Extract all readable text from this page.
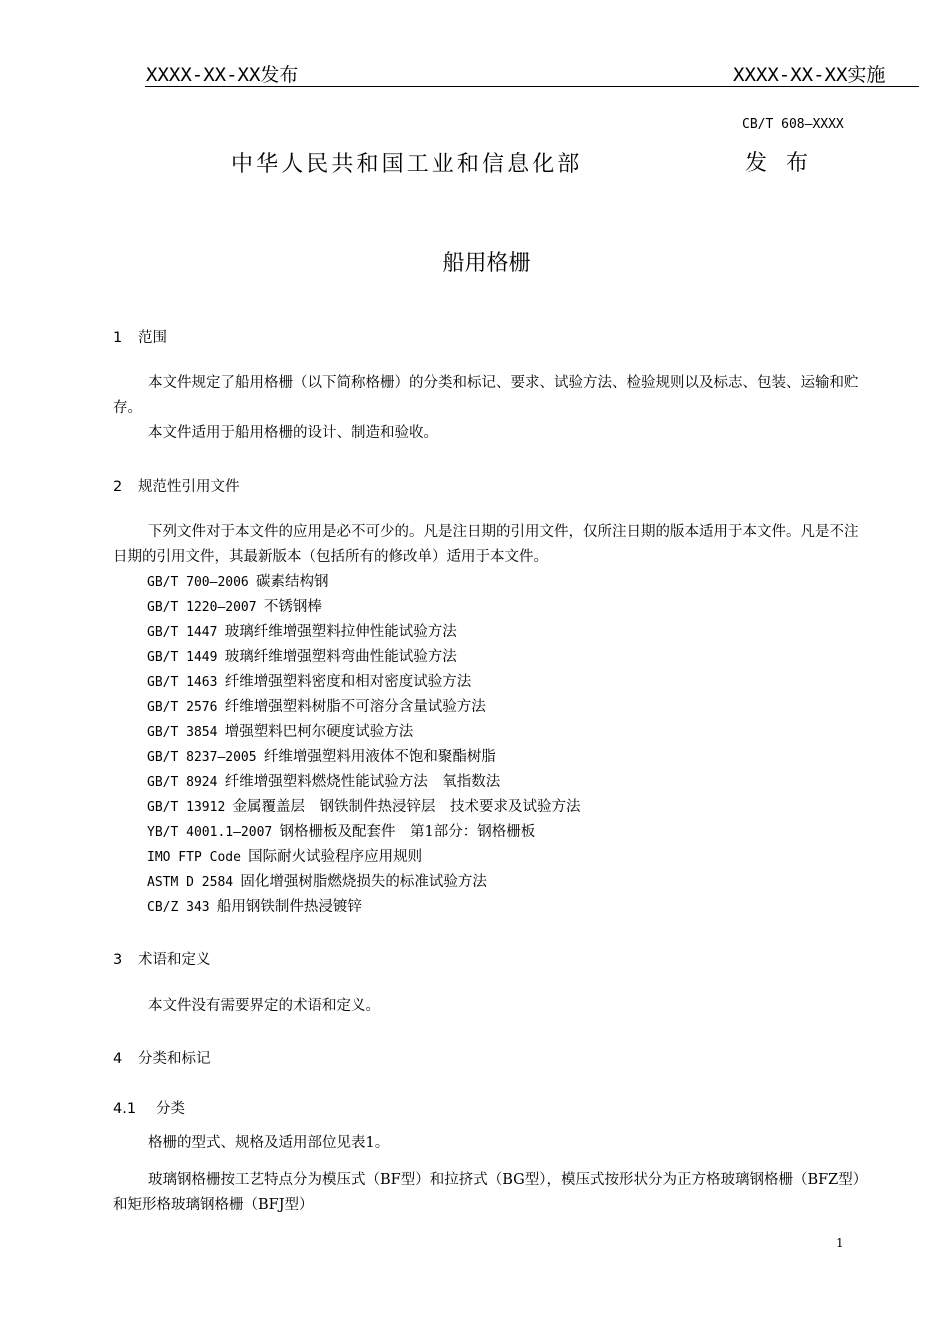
XXXX-XX-XX发布	XXXX-XX-XX实施
CB/T 608—XXXX
中华人民共和国工业和信息化部	发 布
船用格栅
1 范围
本文件规定了船用格栅（以下简称格栅）的分类和标记、要求、试验方法、检验规则以及标志、包装、运输和贮存。
本文件适用于船用格栅的设计、制造和验收。
2 规范性引用文件
下列文件对于本文件的应用是必不可少的。凡是注日期的引用文件，仅所注日期的版本适用于本文件。凡是不注日期的引用文件，其最新版本（包括所有的修改单）适用于本文件。
GB/T 700—2006  碳素结构钢
GB/T 1220—2007  不锈钢棒
GB/T 1447  玻璃纤维增强塑料拉伸性能试验方法
GB/T 1449  玻璃纤维增强塑料弯曲性能试验方法
GB/T 1463  纤维增强塑料密度和相对密度试验方法
GB/T 2576  纤维增强塑料树脂不可溶分含量试验方法
GB/T 3854  增强塑料巴柯尔硬度试验方法
GB/T 8237—2005  纤维增强塑料用液体不饱和聚酯树脂
GB/T 8924  纤维增强塑料燃烧性能试验方法　氧指数法
GB/T 13912  金属覆盖层　钢铁制件热浸锌层　技术要求及试验方法
YB/T 4001.1—2007  钢格栅板及配套件　第1部分：钢格栅板
IMO FTP Code  国际耐火试验程序应用规则
ASTM D 2584  固化增强树脂燃烧损失的标准试验方法
CB/Z 343  船用钢铁制件热浸镀锌
3 术语和定义
本文件没有需要界定的术语和定义。
4 分类和标记
4.1 分类
格栅的型式、规格及适用部位见表1。
玻璃钢格栅按工艺特点分为模压式（BF型）和拉挤式（BG型），模压式按形状分为正方格玻璃钢格栅（BFZ型）和矩形格玻璃钢格栅（BFJ型）
1
